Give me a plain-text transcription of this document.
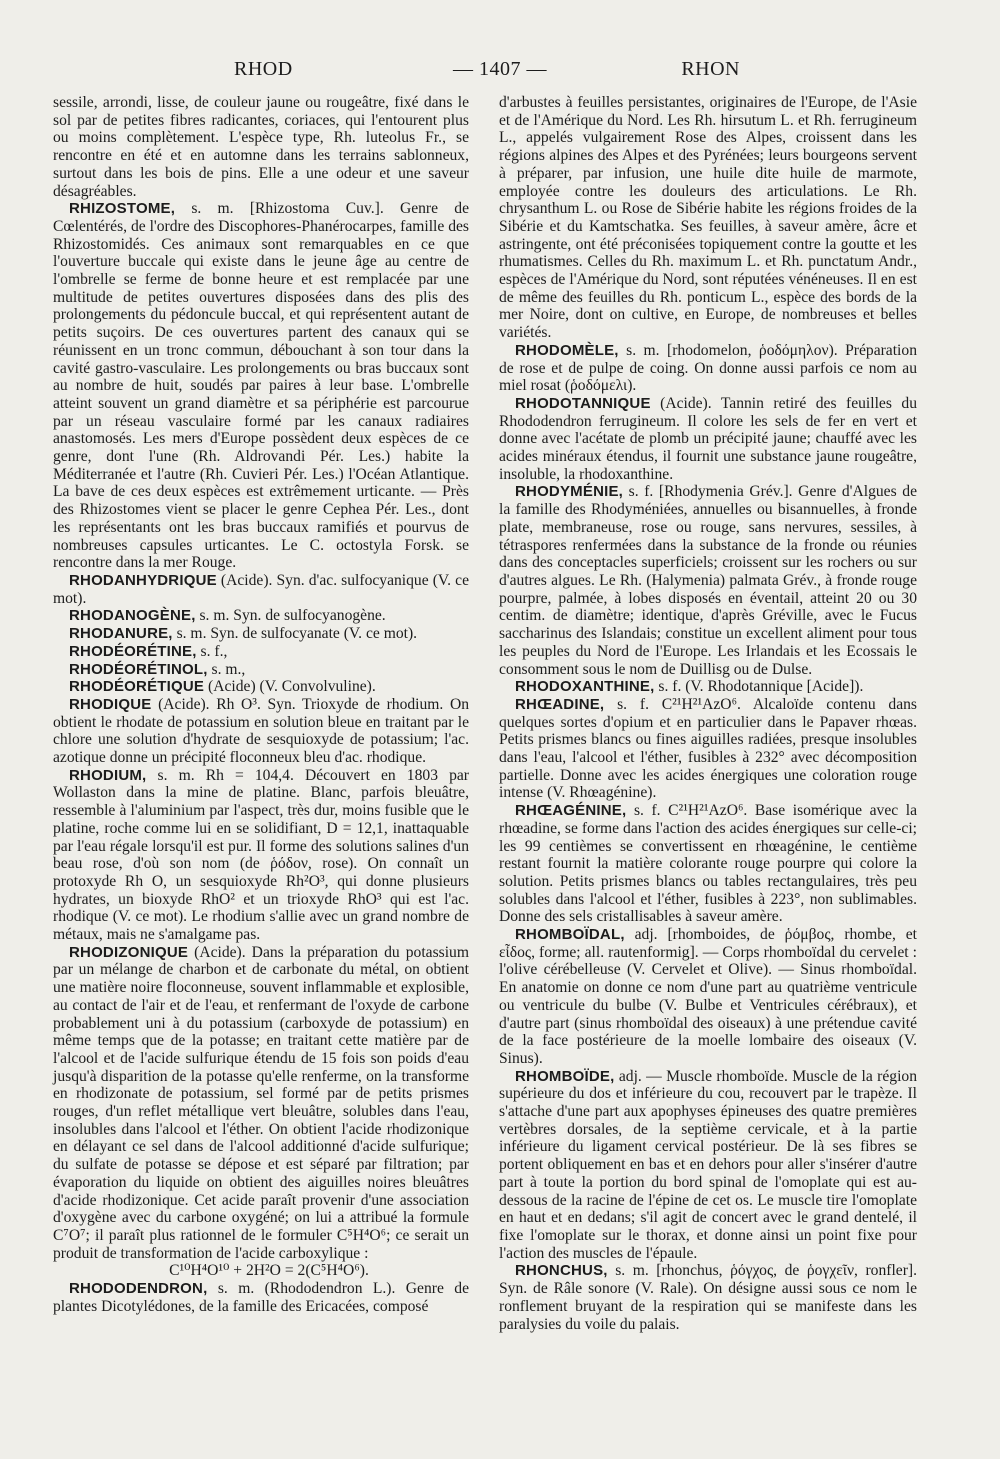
RHOD	— 1407 —	RHON

sessile, arrondi, lisse, de couleur jaune ou rougeâtre, fixé dans le sol par de petites fibres radicantes, coriaces, qui l'entourent plus ou moins complètement. L'espèce type, Rh. luteolus Fr., se rencontre en été et en automne dans les terrains sablonneux, surtout dans les bois de pins. Elle a une odeur et une saveur désagréables.

RHIZOSTOME, s. m. [Rhizostoma Cuv.]. Genre de Cœlentérés, de l'ordre des Discophores-Phanérocarpes, famille des Rhizostomidés. Ces animaux sont remarquables en ce que l'ouverture buccale qui existe dans le jeune âge au centre de l'ombrelle se ferme de bonne heure et est remplacée par une multitude de petites ouvertures disposées dans des plis des prolongements du pédoncule buccal, et qui représentent autant de petits suçoirs. De ces ouvertures partent des canaux qui se réunissent en un tronc commun, débouchant à son tour dans la cavité gastro-vasculaire. Les prolongements ou bras buccaux sont au nombre de huit, soudés par paires à leur base. L'ombrelle atteint souvent un grand diamètre et sa périphérie est parcourue par un réseau vasculaire formé par les canaux radiaires anastomosés. Les mers d'Europe possèdent deux espèces de ce genre, dont l'une (Rh. Aldrovandi Pér. Les.) habite la Méditerranée et l'autre (Rh. Cuvieri Pér. Les.) l'Océan Atlantique. La bave de ces deux espèces est extrêmement urticante. — Près des Rhizostomes vient se placer le genre Cephea Pér. Les., dont les représentants ont les bras buccaux ramifiés et pourvus de nombreuses capsules urticantes. Le C. octostyla Forsk. se rencontre dans la mer Rouge.

RHODANHYDRIQUE (Acide). Syn. d'ac. sulfocyanique (V. ce mot).

RHODANOGÈNE, s. m. Syn. de sulfocyanogène.

RHODANURE, s. m. Syn. de sulfocyanate (V. ce mot).

RHODÉORÉTINE, s. f.,

RHODÉORÉTINOL, s. m.,

RHODÉORÉTIQUE (Acide) (V. Convolvuline).

RHODIQUE (Acide). Rh O³. Syn. Trioxyde de rhodium. On obtient le rhodate de potassium en solution bleue en traitant par le chlore une solution d'hydrate de sesquioxyde de potassium; l'ac. azotique donne un précipité floconneux bleu d'ac. rhodique.

RHODIUM, s. m. Rh = 104,4. Découvert en 1803 par Wollaston dans la mine de platine. Blanc, parfois bleuâtre, ressemble à l'aluminium par l'aspect, très dur, moins fusible que le platine, roche comme lui en se solidifiant, D = 12,1, inattaquable par l'eau régale lorsqu'il est pur. Il forme des solutions salines d'un beau rose, d'où son nom (de ῥόδον, rose). On connaît un protoxyde Rh O, un sesquioxyde Rh²O³, qui donne plusieurs hydrates, un bioxyde RhO² et un trioxyde RhO³ qui est l'ac. rhodique (V. ce mot). Le rhodium s'allie avec un grand nombre de métaux, mais ne s'amalgame pas.

RHODIZONIQUE (Acide). Dans la préparation du potassium par un mélange de charbon et de carbonate du métal, on obtient une matière noire floconneuse, souvent inflammable et explosible, au contact de l'air et de l'eau, et renfermant de l'oxyde de carbone probablement uni à du potassium (carboxyde de potassium) en même temps que de la potasse; en traitant cette matière par de l'alcool et de l'acide sulfurique étendu de 15 fois son poids d'eau jusqu'à disparition de la potasse qu'elle renferme, on la transforme en rhodizonate de potassium, sel formé par de petits prismes rouges, d'un reflet métallique vert bleuâtre, solubles dans l'eau, insolubles dans l'alcool et l'éther. On obtient l'acide rhodizonique en délayant ce sel dans de l'alcool additionné d'acide sulfurique; du sulfate de potasse se dépose et est séparé par filtration; par évaporation du liquide on obtient des aiguilles noires bleuâtres d'acide rhodizonique. Cet acide paraît provenir d'une association d'oxygène avec du carbone oxygéné; on lui a attribué la formule C⁷O⁷; il paraît plus rationnel de le formuler C⁵H⁴O⁶; ce serait un produit de transformation de l'acide carboxylique :

C¹⁰H⁴O¹⁰ + 2H²O = 2(C⁵H⁴O⁶).

RHODODENDRON, s. m. (Rhododendron L.). Genre de plantes Dicotylédones, de la famille des Ericacées, composé

d'arbustes à feuilles persistantes, originaires de l'Europe, de l'Asie et de l'Amérique du Nord. Les Rh. hirsutum L. et Rh. ferrugineum L., appelés vulgairement Rose des Alpes, croissent dans les régions alpines des Alpes et des Pyrénées; leurs bourgeons servent à préparer, par infusion, une huile dite huile de marmote, employée contre les douleurs des articulations. Le Rh. chrysanthum L. ou Rose de Sibérie habite les régions froides de la Sibérie et du Kamtschatka. Ses feuilles, à saveur amère, âcre et astringente, ont été préconisées topiquement contre la goutte et les rhumatismes. Celles du Rh. maximum L. et Rh. punctatum Andr., espèces de l'Amérique du Nord, sont réputées vénéneuses. Il en est de même des feuilles du Rh. ponticum L., espèce des bords de la mer Noire, dont on cultive, en Europe, de nombreuses et belles variétés.

RHODOMÈLE, s. m. [rhodomelon, ῥοδόμηλον). Préparation de rose et de pulpe de coing. On donne aussi parfois ce nom au miel rosat (ῥοδόμελι).

RHODOTANNIQUE (Acide). Tannin retiré des feuilles du Rhododendron ferrugineum. Il colore les sels de fer en vert et donne avec l'acétate de plomb un précipité jaune; chauffé avec les acides minéraux étendus, il fournit une substance jaune rougeâtre, insoluble, la rhodoxanthine.

RHODYMÉNIE, s. f. [Rhodymenia Grév.]. Genre d'Algues de la famille des Rhodyméniées, annuelles ou bisannuelles, à fronde plate, membraneuse, rose ou rouge, sans nervures, sessiles, à tétraspores renfermées dans la substance de la fronde ou réunies dans des conceptacles superficiels; croissent sur les rochers ou sur d'autres algues. Le Rh. (Halymenia) palmata Grév., à fronde rouge pourpre, palmée, à lobes disposés en éventail, atteint 20 ou 30 centim. de diamètre; identique, d'après Gréville, avec le Fucus saccharinus des Islandais; constitue un excellent aliment pour tous les peuples du Nord de l'Europe. Les Irlandais et les Ecossais le consomment sous le nom de Duillisg ou de Dulse.

RHODOXANTHINE, s. f. (V. Rhodotannique [Acide]).

RHŒADINE, s. f. C²¹H²¹AzO⁶. Alcaloïde contenu dans quelques sortes d'opium et en particulier dans le Papaver rhœas. Petits prismes blancs ou fines aiguilles radiées, presque insolubles dans l'eau, l'alcool et l'éther, fusibles à 232° avec décomposition partielle. Donne avec les acides énergiques une coloration rouge intense (V. Rhœagénine).

RHŒAGÉNINE, s. f. C²¹H²¹AzO⁶. Base isomérique avec la rhœadine, se forme dans l'action des acides énergiques sur celle-ci; les 99 centièmes se convertissent en rhœagénine, le centième restant fournit la matière colorante rouge pourpre qui colore la solution. Petits prismes blancs ou tables rectangulaires, très peu solubles dans l'alcool et l'éther, fusibles à 223°, non sublimables. Donne des sels cristallisables à saveur amère.

RHOMBOÏDAL, adj. [rhomboides, de ῥόμβος, rhombe, et εἶδος, forme; all. rautenformig]. — Corps rhomboïdal du cervelet : l'olive cérébelleuse (V. Cervelet et Olive). — Sinus rhomboïdal. En anatomie on donne ce nom d'une part au quatrième ventricule ou ventricule du bulbe (V. Bulbe et Ventricules cérébraux), et d'autre part (sinus rhomboïdal des oiseaux) à une prétendue cavité de la face postérieure de la moelle lombaire des oiseaux (V. Sinus).

RHOMBOÏDE, adj. — Muscle rhomboïde. Muscle de la région supérieure du dos et inférieure du cou, recouvert par le trapèze. Il s'attache d'une part aux apophyses épineuses des quatre premières vertèbres dorsales, de la septième cervicale, et à la partie inférieure du ligament cervical postérieur. De là ses fibres se portent obliquement en bas et en dehors pour aller s'insérer d'autre part à toute la portion du bord spinal de l'omoplate qui est au-dessous de la racine de l'épine de cet os. Le muscle tire l'omoplate en haut et en dedans; s'il agit de concert avec le grand dentelé, il fixe l'omoplate sur le thorax, et donne ainsi un point fixe pour l'action des muscles de l'épaule.

RHONCHUS, s. m. [rhonchus, ῥόγχος, de ῥογχεῖν, ronfler]. Syn. de Râle sonore (V. Rale). On désigne aussi sous ce nom le ronflement bruyant de la respiration qui se manifeste dans les paralysies du voile du palais.
